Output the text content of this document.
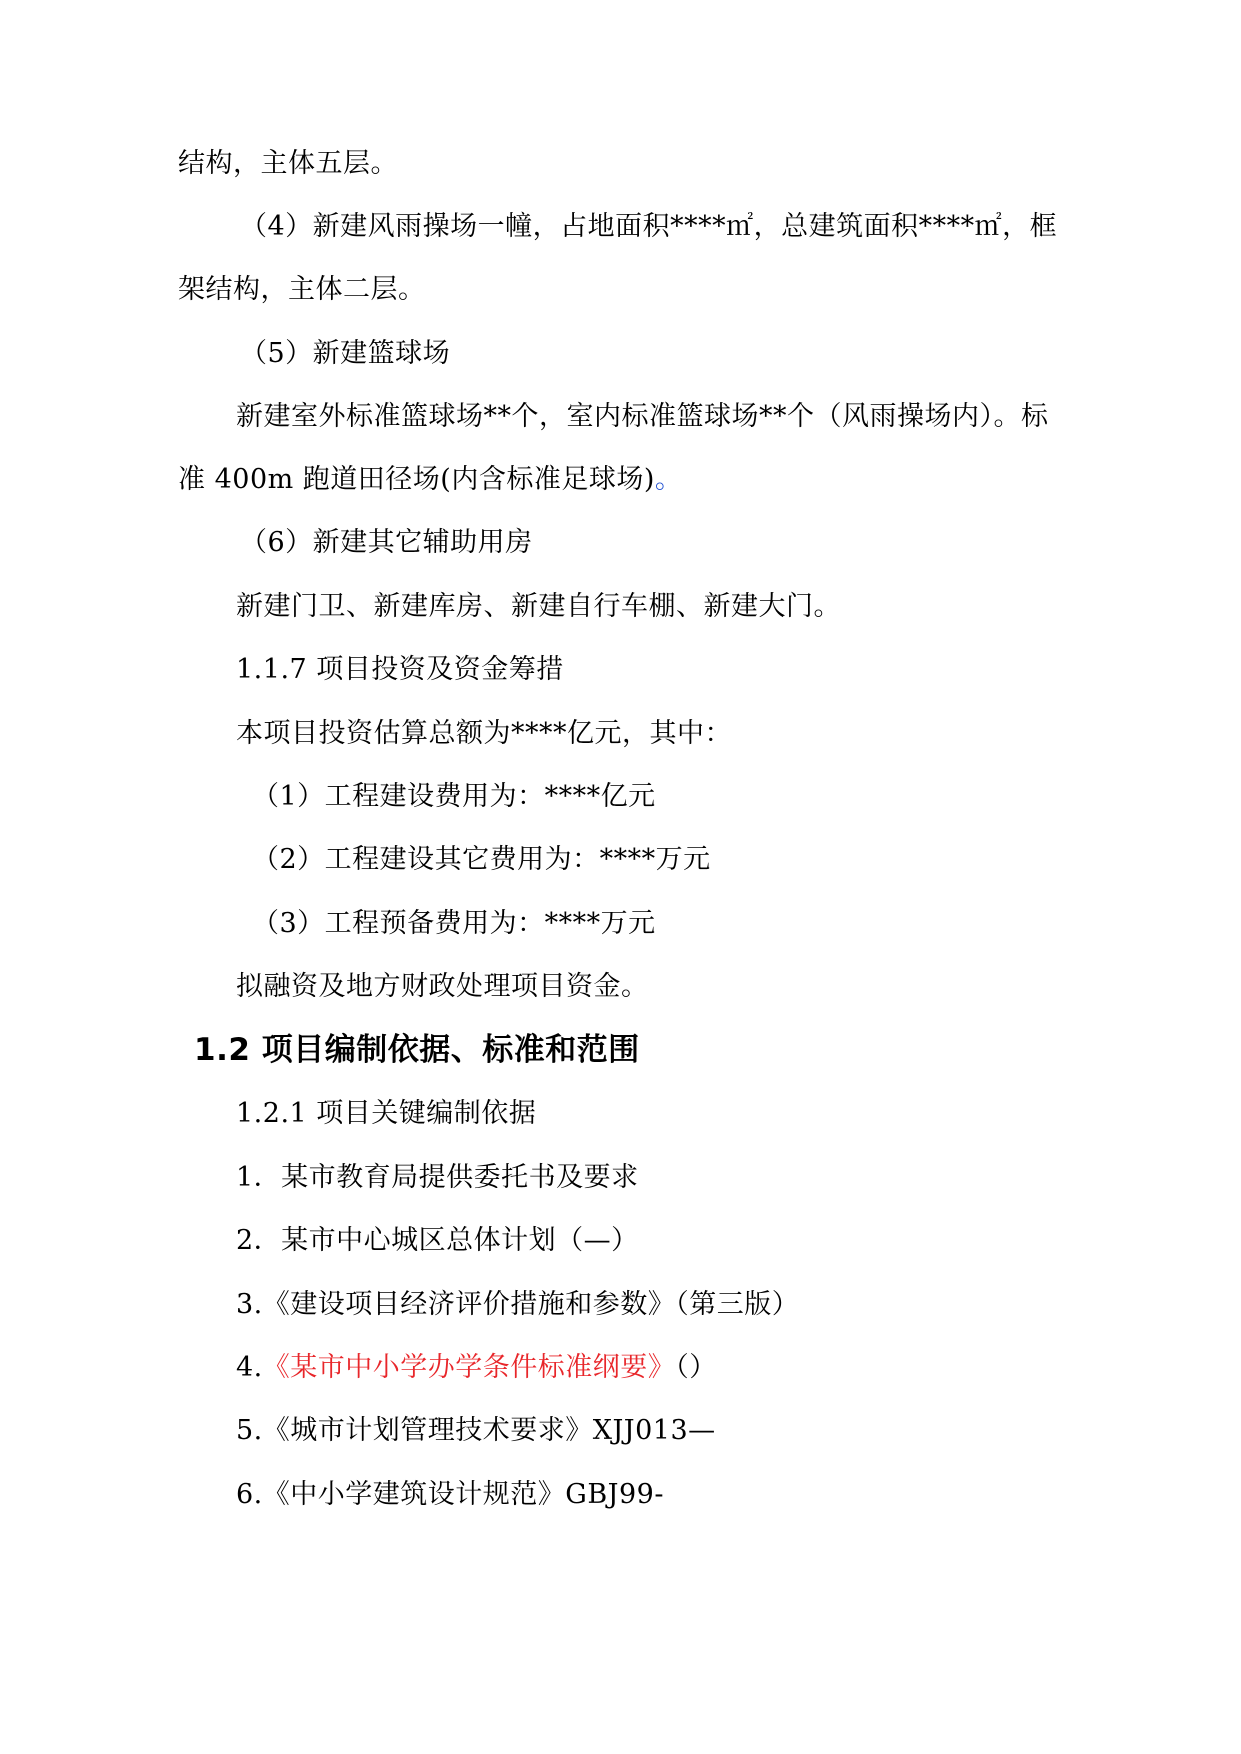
结构，主体五层。
（4）新建风雨操场一幢，占地面积****㎡，总建筑面积****㎡，框
架结构，主体二层。
（5）新建篮球场
新建室外标准篮球场**个，室内标准篮球场**个（风雨操场内）。标
准 400m 跑道田径场(内含标准足球场)。
（6）新建其它辅助用房
新建门卫、新建库房、新建自行车棚、新建大门。
1.1.7 项目投资及资金筹措
本项目投资估算总额为****亿元，其中：
（1）工程建设费用为：****亿元
（2）工程建设其它费用为：****万元
（3）工程预备费用为：****万元
拟融资及地方财政处理项目资金。
1.2 项目编制依据、标准和范围
1.2.1 项目关键编制依据
1．某市教育局提供委托书及要求
2．某市中心城区总体计划（—）
3.《建设项目经济评价措施和参数》（第三版）
4.《某市中小学办学条件标准纲要》（）
5.《城市计划管理技术要求》XJJ013—
6.《中小学建筑设计规范》GBJ99-
